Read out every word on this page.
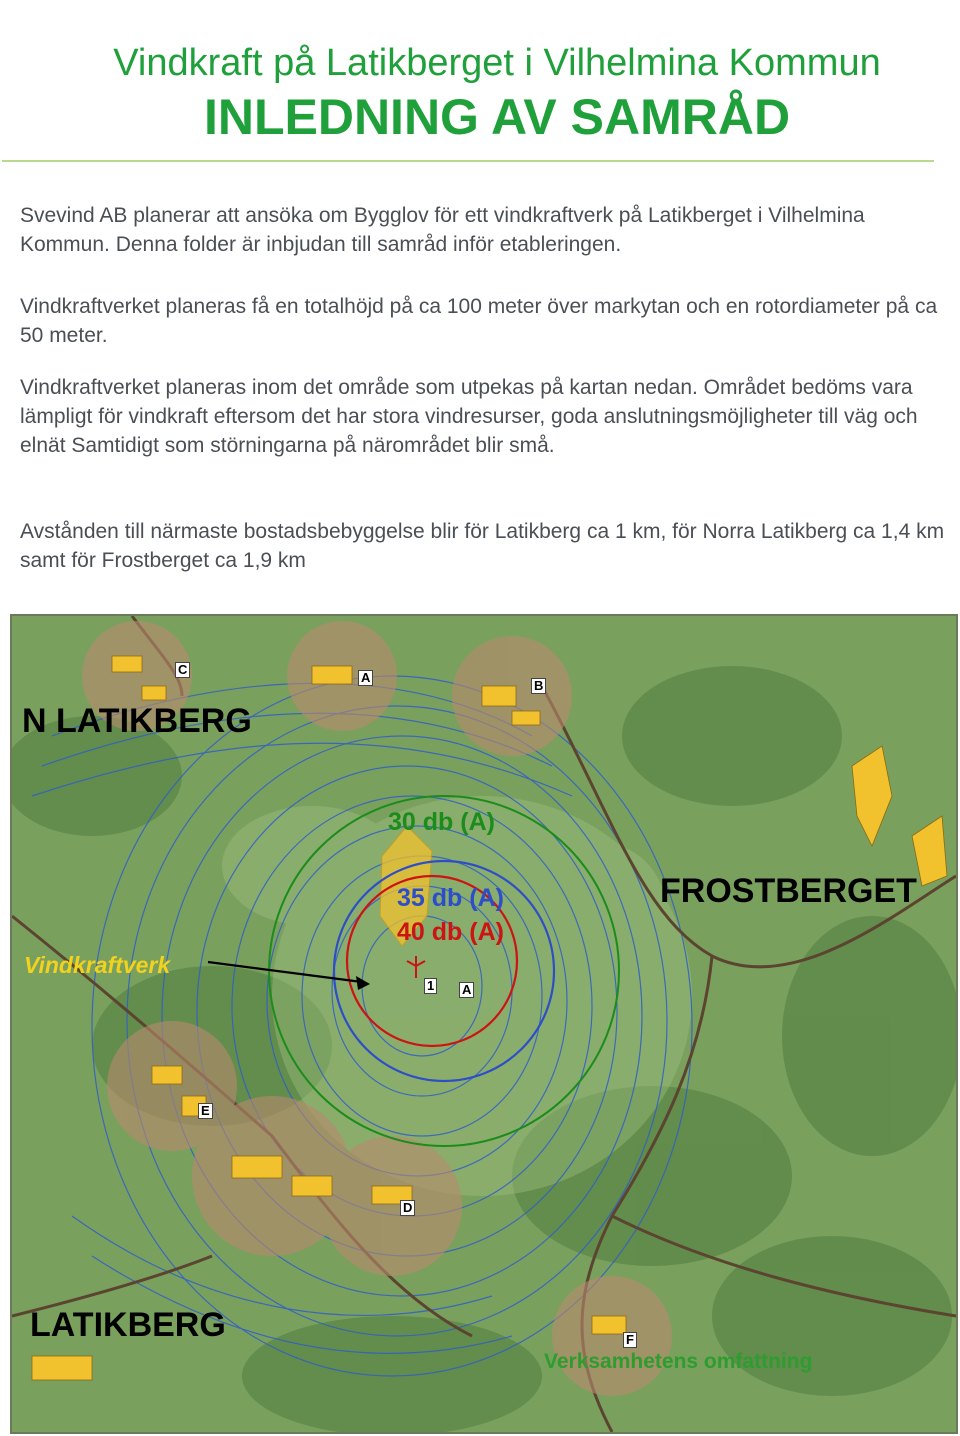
Vindkraft på Latikberget i Vilhelmina Kommun
INLEDNING AV SAMRÅD
Svevind AB planerar att ansöka om Bygglov för ett vindkraftverk på Latikberget i Vilhelmina Kommun. Denna folder är inbjudan till samråd inför etableringen.
Vindkraftverket planeras få en totalhöjd på ca 100 meter över markytan och en rotordiameter på ca 50 meter.
Vindkraftverket planeras inom det område som utpekas på kartan nedan. Området bedöms vara lämpligt för vindkraft eftersom det har stora vindresurser, goda anslutningsmöjligheter till väg och elnät Samtidigt som störningarna på närområdet blir små.
Avstånden till närmaste bostadsbebyggelse blir för Latikberg ca 1 km, för Norra Latikberg ca 1,4 km samt för Frostberget ca 1,9 km
N LATIKBERG
FROSTBERGET
LATIKBERG
30 db (A)
35 db (A)
40 db (A)
Vindkraftverk
Verksamhetens omfattning
C
A
B
E
D
F
1 A
